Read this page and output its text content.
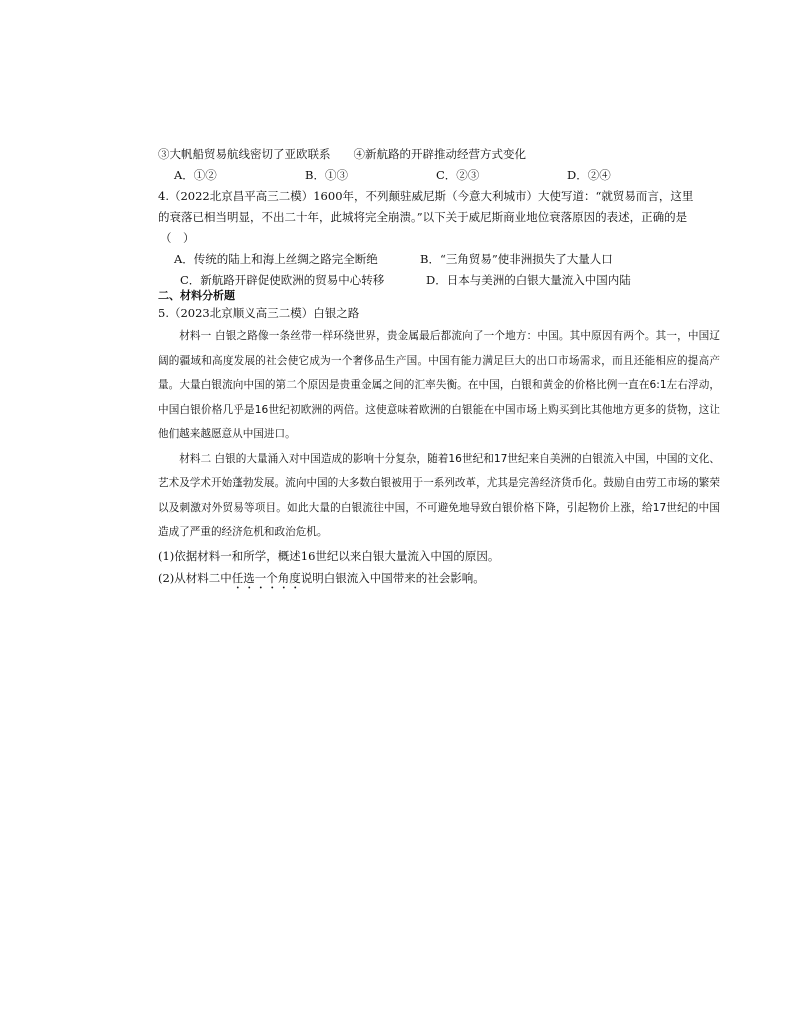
③大帆船贸易航线密切了亚欧联系　　④新航路的开辟推动经营方式变化
A．①②	B．①③	C．②③	D．②④
4.（2022北京昌平高三二模）1600年，不列颠驻威尼斯（今意大利城市）大使写道：“就贸易而言，这里
的衰落已相当明显，不出二十年，此城将完全崩溃。”以下关于威尼斯商业地位衰落原因的表述，正确的是
（　）
A．传统的陆上和海上丝绸之路完全断绝	B．“三角贸易”使非洲损失了大量人口
C．新航路开辟促使欧洲的贸易中心转移	D．日本与美洲的白银大量流入中国内陆
二、材料分析题
5.（2023北京顺义高三二模）白银之路
材料一 白银之路像一条丝带一样环绕世界，贵金属最后都流向了一个地方：中国。其中原因有两个。其一，中国辽阔的疆域和高度发展的社会使它成为一个奢侈品生产国。中国有能力满足巨大的出口市场需求，而且还能相应的提高产量。大量白银流向中国的第二个原因是贵重金属之间的汇率失衡。在中国，白银和黄金的价格比例一直在6:1左右浮动，中国白银价格几乎是16世纪初欧洲的两倍。这使意味着欧洲的白银能在中国市场上购买到比其他地方更多的货物，这让他们越来越愿意从中国进口。
材料二 白银的大量涌入对中国造成的影响十分复杂，随着16世纪和17世纪来自美洲的白银流入中国，中国的文化、艺术及学术开始蓬勃发展。流向中国的大多数白银被用于一系列改革，尤其是完善经济货币化。鼓励自由劳工市场的繁荣以及刺激对外贸易等项目。如此大量的白银流往中国，不可避免地导致白银价格下降，引起物价上涨，给17世纪的中国造成了严重的经济危机和政治危机。
(1)依据材料一和所学，概述16世纪以来白银大量流入中国的原因。
(2)从材料二中任选一个角度说明白银流入中国带来的社会影响。
